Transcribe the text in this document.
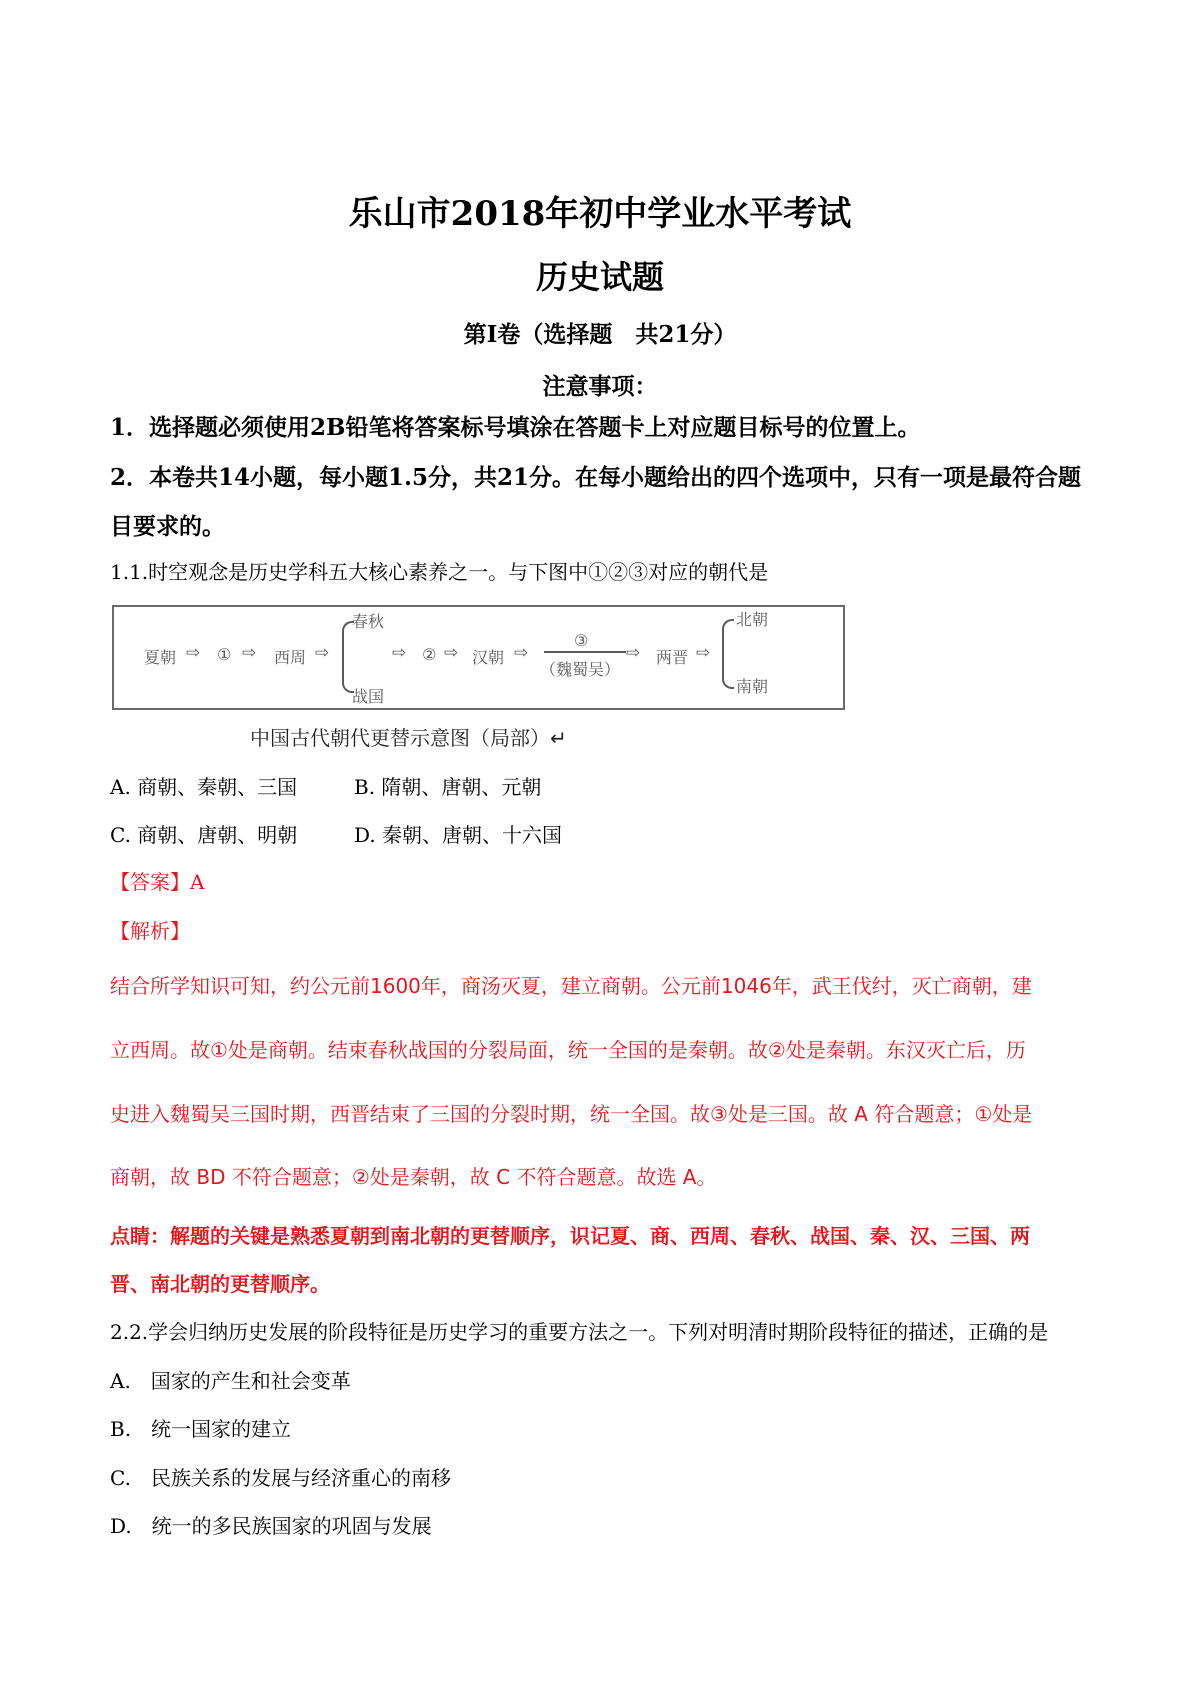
乐山市2018年初中学业水平考试
历史试题
第Ⅰ卷（选择题　共21分）
注意事项：
1．选择题必须使用2B铅笔将答案标号填涂在答题卡上对应题目标号的位置上。
2．本卷共14小题，每小题1.5分，共21分。在每小题给出的四个选项中，只有一项是最符合题目要求的。
1.1.时空观念是历史学科五大核心素养之一。与下图中①②③对应的朝代是
夏朝 ⇨ ① ⇨ 西周 ⇨
春秋
战国
⇨ ② ⇨ 汉朝 ⇨
③
（魏蜀吴）
⇨ 两晋 ⇨
北朝
南朝
中国古代朝代更替示意图（局部）↵
A. 商朝、秦朝、三国	B. 隋朝、唐朝、元朝
C. 商朝、唐朝、明朝	D. 秦朝、唐朝、十六国
【答案】A
【解析】
结合所学知识可知，约公元前1600年，商汤灭夏，建立商朝。公元前1046年，武王伐纣，灭亡商朝，建
立西周。故①处是商朝。结束春秋战国的分裂局面，统一全国的是秦朝。故②处是秦朝。东汉灭亡后，历
史进入魏蜀吴三国时期，西晋结束了三国的分裂时期，统一全国。故③处是三国。故 A 符合题意；①处是
商朝，故 BD 不符合题意；②处是秦朝，故 C 不符合题意。故选 A。
点睛：解题的关键是熟悉夏朝到南北朝的更替顺序，识记夏、商、西周、春秋、战国、秦、汉、三国、两
晋、南北朝的更替顺序。
2.2.学会归纳历史发展的阶段特征是历史学习的重要方法之一。下列对明清时期阶段特征的描述，正确的是
A.　国家的产生和社会变革
B.　统一国家的建立
C.　民族关系的发展与经济重心的南移
D.　统一的多民族国家的巩固与发展
